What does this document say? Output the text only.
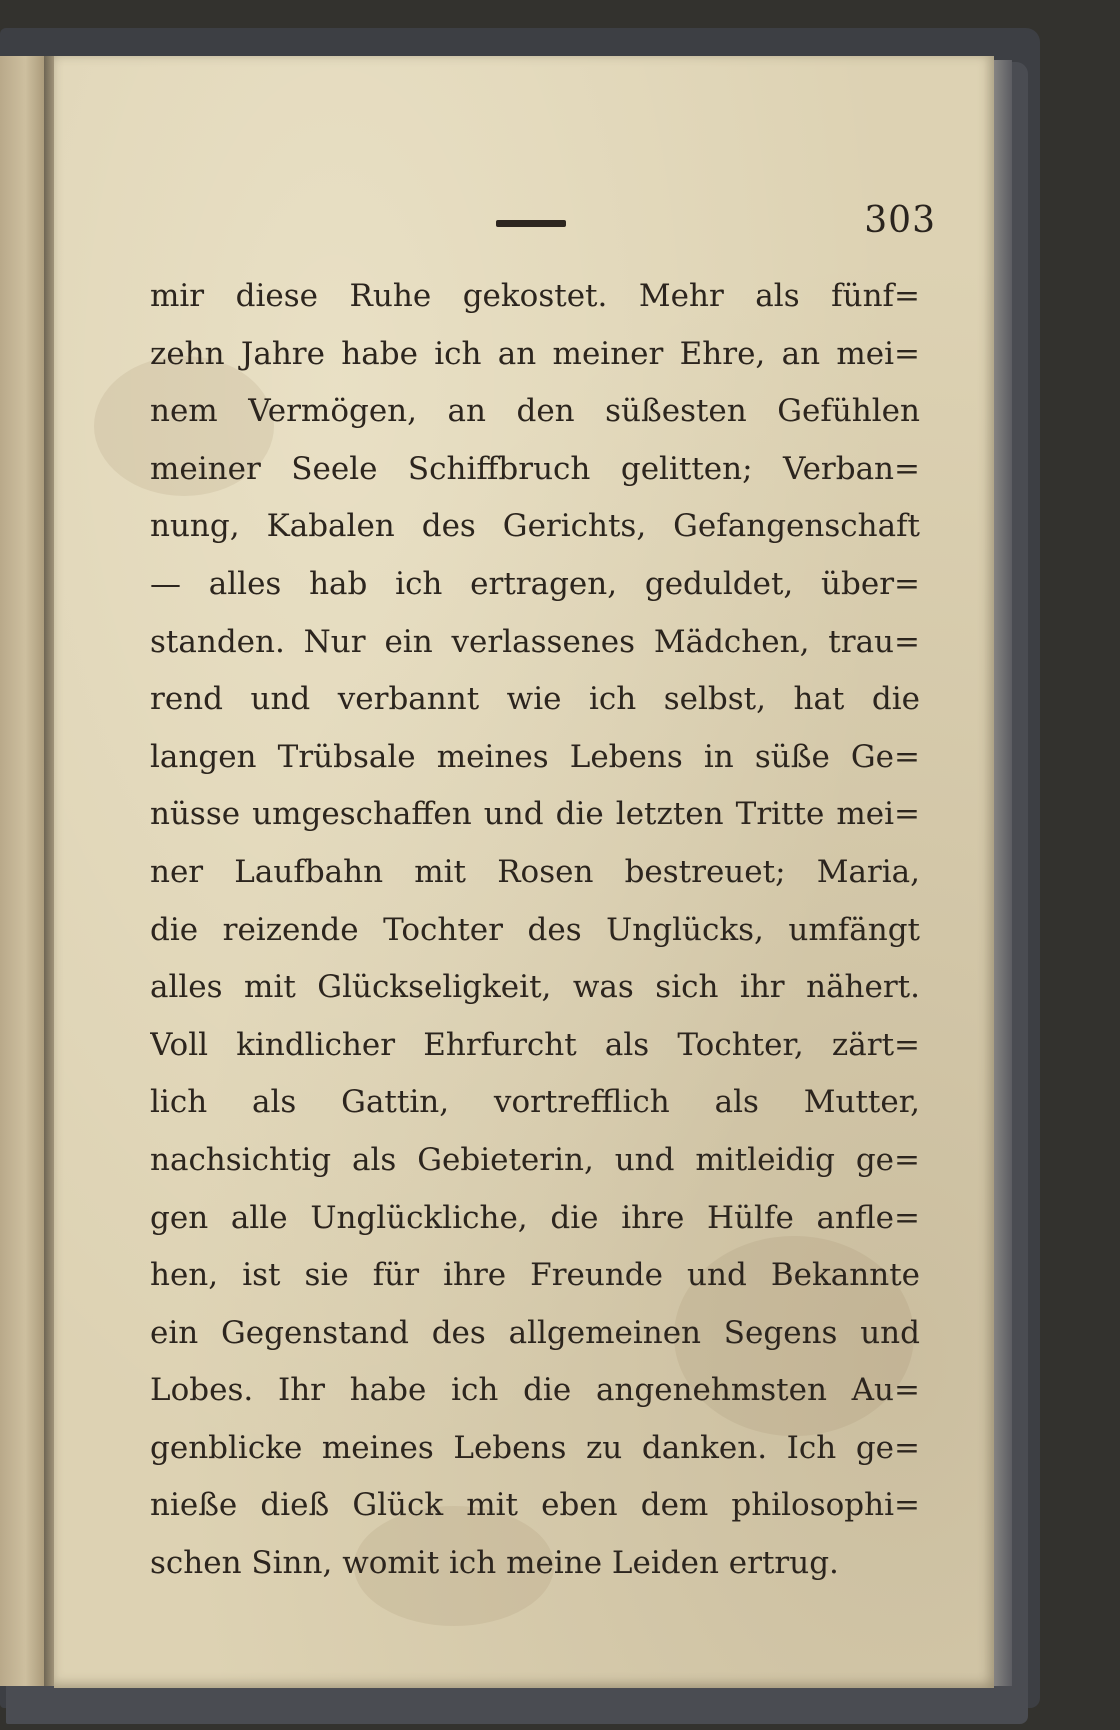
303
mir diese Ruhe gekostet. Mehr als fünf=
zehn Jahre habe ich an meiner Ehre, an mei=
nem Vermögen, an den süßesten Gefühlen
meiner Seele Schiffbruch gelitten; Verban=
nung, Kabalen des Gerichts, Gefangenschaft
— alles hab ich ertragen, geduldet, über=
standen. Nur ein verlassenes Mädchen, trau=
rend und verbannt wie ich selbst, hat die
langen Trübsale meines Lebens in süße Ge=
nüsse umgeschaffen und die letzten Tritte mei=
ner Laufbahn mit Rosen bestreuet; Maria,
die reizende Tochter des Unglücks, umfängt
alles mit Glückseligkeit, was sich ihr nähert.
Voll kindlicher Ehrfurcht als Tochter, zärt=
lich als Gattin, vortrefflich als Mutter,
nachsichtig als Gebieterin, und mitleidig ge=
gen alle Unglückliche, die ihre Hülfe anfle=
hen, ist sie für ihre Freunde und Bekannte
ein Gegenstand des allgemeinen Segens und
Lobes. Ihr habe ich die angenehmsten Au=
genblicke meines Lebens zu danken. Ich ge=
nieße dieß Glück mit eben dem philosophi=
schen Sinn, womit ich meine Leiden ertrug.
